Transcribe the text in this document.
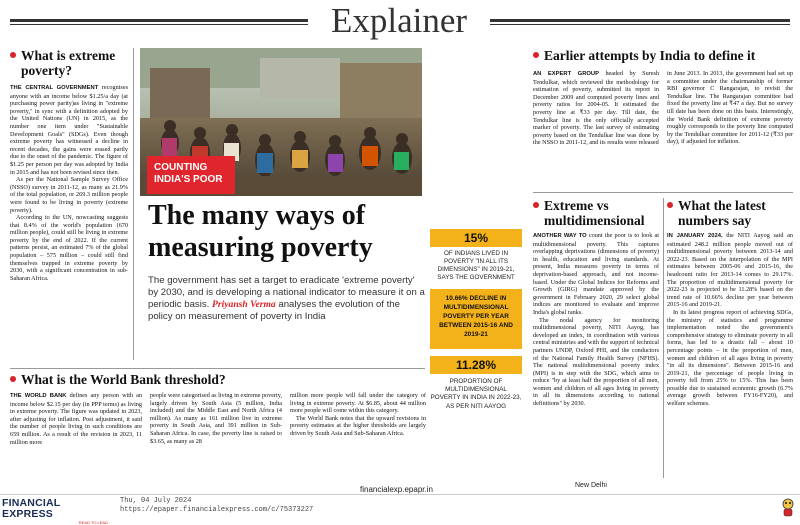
Explainer
What is extreme
poverty?

THE CENTRAL GOVERNMENT recognises anyone with an income below $1.25/a day (at purchasing power parity)as living in "extreme poverty," in sync with a definition adopted by the United Nations (UN) in 2015, as the number one item under "Sustainable Development Goals" (SDGs). Even though extreme poverty has witnessed a decline in recent decades, the gains were erased partly due to the onset of the pandemic. The figure of $1.25 per person per day was adopted by India in 2015 and has not been revised since then.

As per the National Sample Survey Office (NSSO) survey in 2011-12, as many as 21.9% of the total population, or 269.3 million people were found to be living in poverty (extreme poverty).

According to the UN, nowcasting suggests that 8.4% of the world's population (670 million people), could still be living in extreme poverty by the end of 2022. If the current patterns persist, an estimated 7% of the global population – 575 million – could still find themselves trapped in extreme poverty by 2030, with a significant concentration in sub-Saharan Africa.

COUNTING
INDIA'S POOR
The many ways of
measuring poverty
The government has set a target to eradicate 'extreme poverty' by 2030, and is developing a national indicator to measure it on a periodic basis. Priyansh Verma analyses the evolution of the policy on measurement of poverty in India
15%
OF INDIANS LIVED IN POVERTY "IN ALL ITS DIMENSIONS" IN 2019-21, SAYS THE GOVERNMENT
10.66% DECLINE IN MULTIDIMENSIONAL POVERTY PER YEAR BETWEEN 2015-16 AND 2019-21
11.28%
PROPORTION OF MULTIDIMENSIONAL POVERTY IN INDIA IN 2022-23, AS PER NITI AAYOG
Earlier attempts by India to define it
AN EXPERT GROUP headed by Suresh Tendulkar, which reviewed the methodology for estimation of poverty, submitted its report in December 2009 and computed poverty lines and poverty ratios for 2004-05. It estimated the poverty line at ₹33 per day. Till date, the Tendulkar line is the only officially accepted marker of poverty. The last survey of estimating poverty based on the Tendulkar line was done by the NSSO in 2011-12, and its results were released
in June 2013. In 2013, the government had set up a committee under the chairmanship of former RBI governor C Rangarajan, to revisit the Tendulkar line. The Rangarajan committee had fixed the poverty line at ₹47 a day. But no survey till date has been done on this basis. Interestingly, the World Bank definition of extreme poverty roughly corresponds to the poverty line computed by the Tendulkar committee for 2011-12 (₹33 per day), if adjusted for inflation.
Extreme vs
multidimensional

ANOTHER WAY TO count the poor is to look at multidimensional poverty. This captures overlapping deprivations (dimensions of poverty) in health, education and living standards. At present, India measures poverty in terms of deprivation-based approach, and not income-based. Under the Global Indices for Reforms and Growth (GIRG) mandate approved by the government in February 2020, 29 select global indices are monitored to evaluate and improve India's global ranks.

The nodal agency for monitoring multidimensional poverty, NITI Aayog, has developed an index, in coordination with various central ministries and with the support of technical partners UNDP, Oxford PHI, and the conductors of the National Family Health Survey (NFHS). The national multidimensional poverty index (MPI) is in step with the SDG, which aims to reduce "by at least half the proportion of all men, women and children of all ages living in poverty in all its dimensions according to national definitions" by 2030.

What the latest
numbers say

IN JANUARY 2024, the NITI Aayog said an estimated 248.2 million people moved out of multidimensional poverty between 2013-14 and 2022-23. Based on the interpolation of the MPI estimates between 2005-06 and 2015-16, the headcount ratio for 2013-14 comes to 29.17%. The proportion of multidimensional poverty for 2022-23 is projected to be 11.28% based on the trend rate of 10.66% decline per year between 2015-16 and 2019-21.

In its latest progress report of achieving SDGs, the ministry of statistics and programme implementation noted the government's comprehensive strategy to eliminate poverty in all forms, has led to a drastic fall – about 10 percentage points – in the proportion of men, women and children of all ages living in poverty "in all its dimensions". Between 2015-16 and 2019-21, the percentage of people living in poverty fell from 25% to 15%. This has been possible due to sustained economic growth (6.7% average growth between FY16-FY20), and welfare schemes.

What is the World Bank threshold?
THE WORLD BANK defines any person with an income below $2.15 per day (in PPP terms) as living in extreme poverty. The figure was updated in 2023, after adjusting for inflation. Post adjustment, it said the number of people living in such conditions are 659 million. As a result of the revision in 2023, 11 million more
people were categorised as living in extreme poverty, largely driven by South Asia (5 million, India included) and the Middle East and North Africa (4 million). As many as 161 million live in extreme poverty in South Asia, and 391 million in Sub-Saharan Africa. In case, the poverty line is raised to $3.65, as many as 28

million more people will fall under the category of living in extreme poverty. At $6.85, about 44 million more people will come within this category.

The World Bank notes that the upward revisions in poverty estimates at the higher thresholds are largely driven by South Asia and Sub-Saharan Africa.

New Delhi
financialexp.epapr.in
FINANCIAL EXPRESS
READ TO LEAD
Thu, 04 July 2024
https://epaper.financialexpress.com/c/75373227
